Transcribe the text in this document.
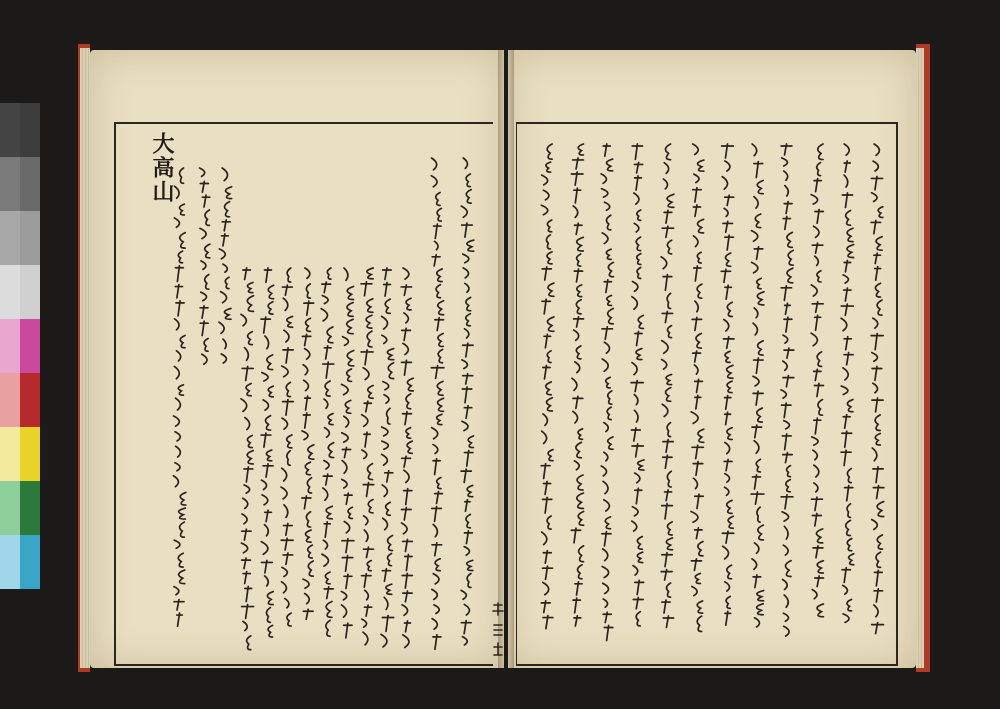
大高山
